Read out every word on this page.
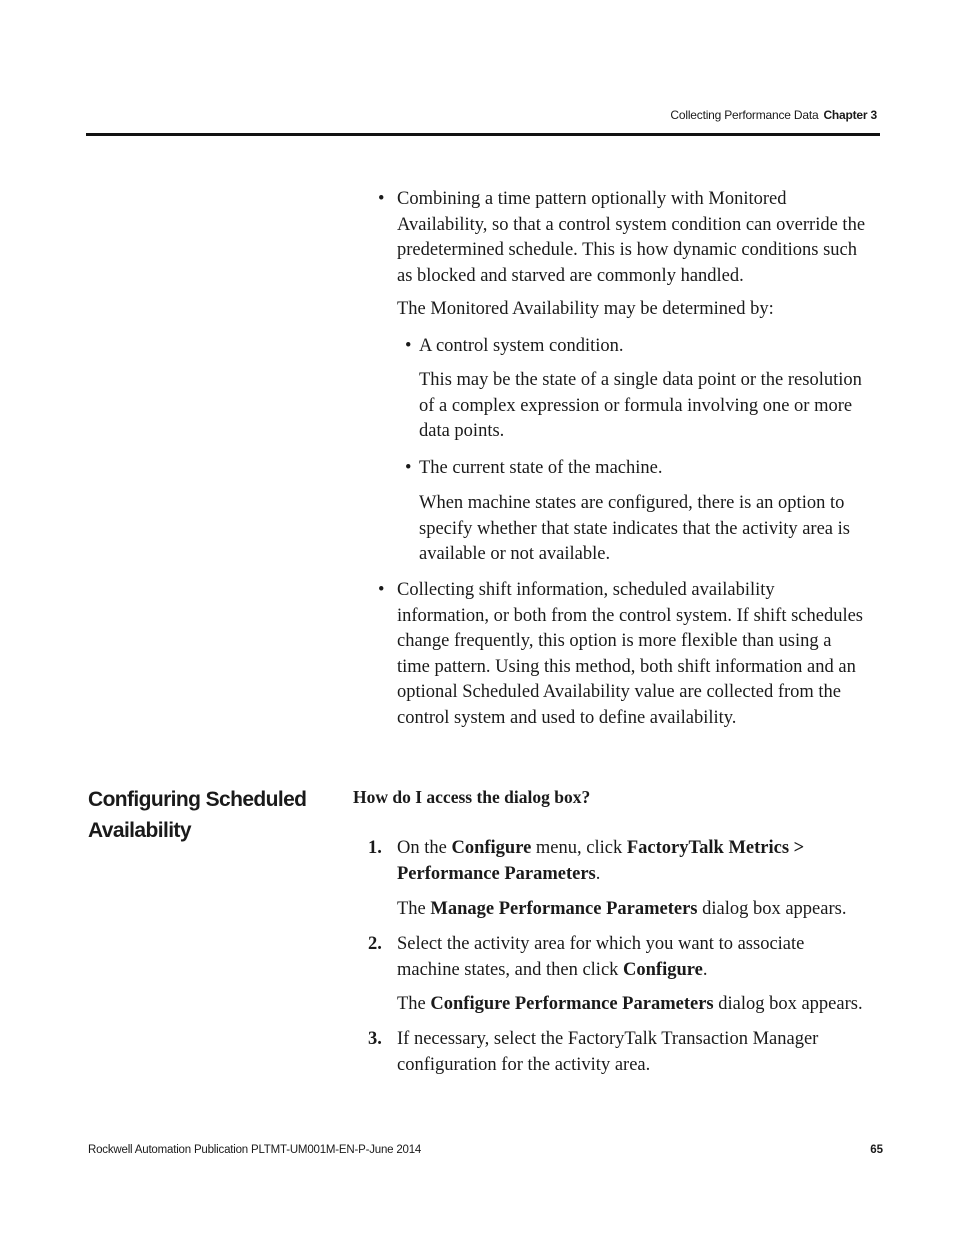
Collecting Performance Data Chapter 3
• Combining a time pattern optionally with Monitored Availability, so that a control system condition can override the predetermined schedule. This is how dynamic conditions such as blocked and starved are commonly handled.

The Monitored Availability may be determined by:

• A control system condition.

This may be the state of a single data point or the resolution of a complex expression or formula involving one or more data points.

• The current state of the machine.

When machine states are configured, there is an option to specify whether that state indicates that the activity area is available or not available.

• Collecting shift information, scheduled availability information, or both from the control system. If shift schedules change frequently, this option is more flexible than using a time pattern. Using this method, both shift information and an optional Scheduled Availability value are collected from the control system and used to define availability.

1. On the Configure menu, click FactoryTalk Metrics > Performance Parameters.

The Manage Performance Parameters dialog box appears.

2. Select the activity area for which you want to associate machine states, and then click Configure.

The Configure Performance Parameters dialog box appears.

3. If necessary, select the FactoryTalk Transaction Manager configuration for the activity area.

Configuring Scheduled Availability
How do I access the dialog box?
Rockwell Automation Publication PLTMT-UM001M-EN-P-June 2014	65
